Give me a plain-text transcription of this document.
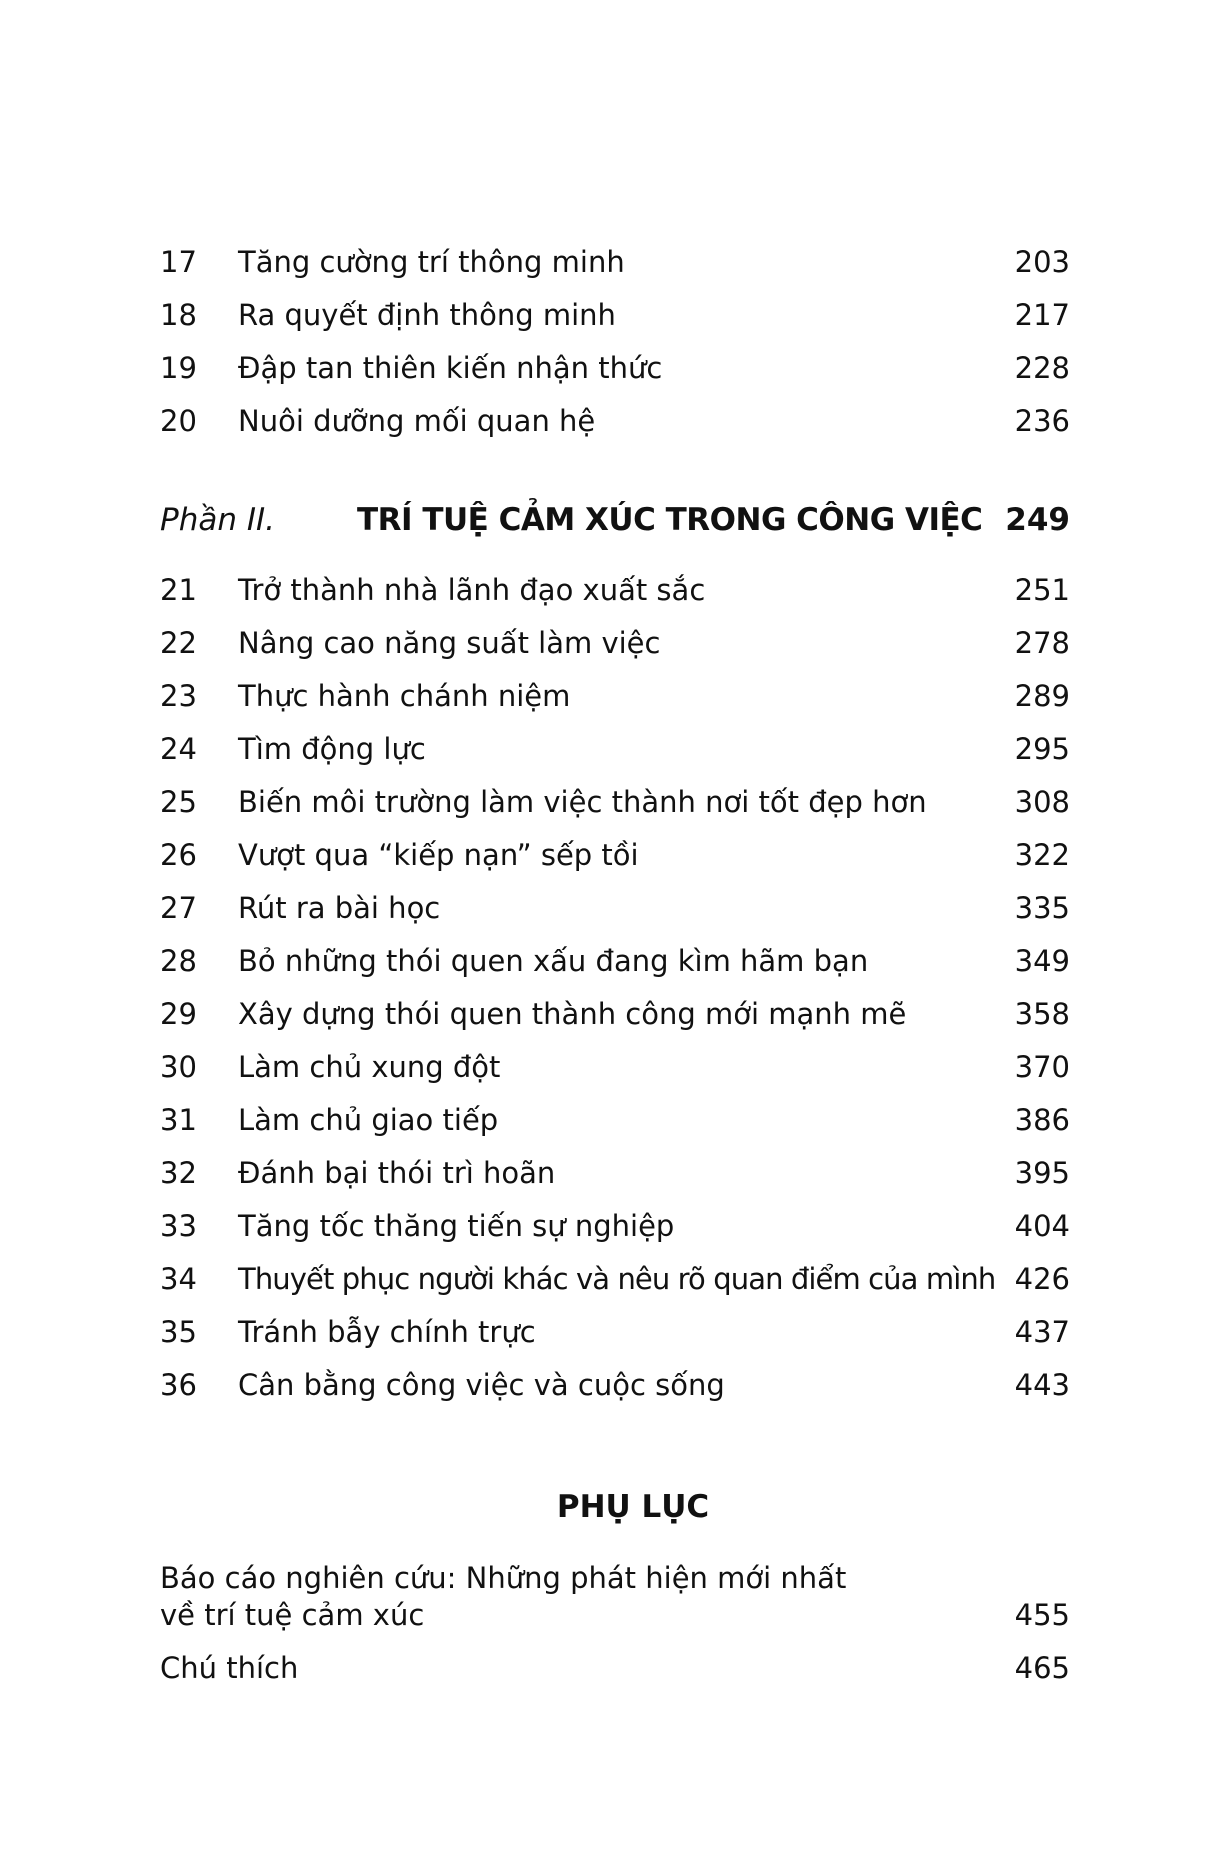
17 Tăng cường trí thông minh	203
18 Ra quyết định thông minh	217
19 Đập tan thiên kiến nhận thức	228
20 Nuôi dưỡng mối quan hệ	236
Phần II.	TRÍ TUỆ CẢM XÚC TRONG CÔNG VIỆC 249
21 Trở thành nhà lãnh đạo xuất sắc	251
22 Nâng cao năng suất làm việc	278
23 Thực hành chánh niệm	289
24 Tìm động lực	295
25 Biến môi trường làm việc thành nơi tốt đẹp hơn	308
26 Vượt qua “kiếp nạn” sếp tồi	322
27 Rút ra bài học	335
28 Bỏ những thói quen xấu đang kìm hãm bạn	349
29 Xây dựng thói quen thành công mới mạnh mẽ	358
30 Làm chủ xung đột	370
31 Làm chủ giao tiếp	386
32 Đánh bại thói trì hoãn	395
33 Tăng tốc thăng tiến sự nghiệp	404
34 Thuyết phục người khác và nêu rõ quan điểm của mình 426
35 Tránh bẫy chính trực	437
36 Cân bằng công việc và cuộc sống	443
PHỤ LỤC
Báo cáo nghiên cứu: Những phát hiện mới nhất
về trí tuệ cảm xúc	455
Chú thích	465
